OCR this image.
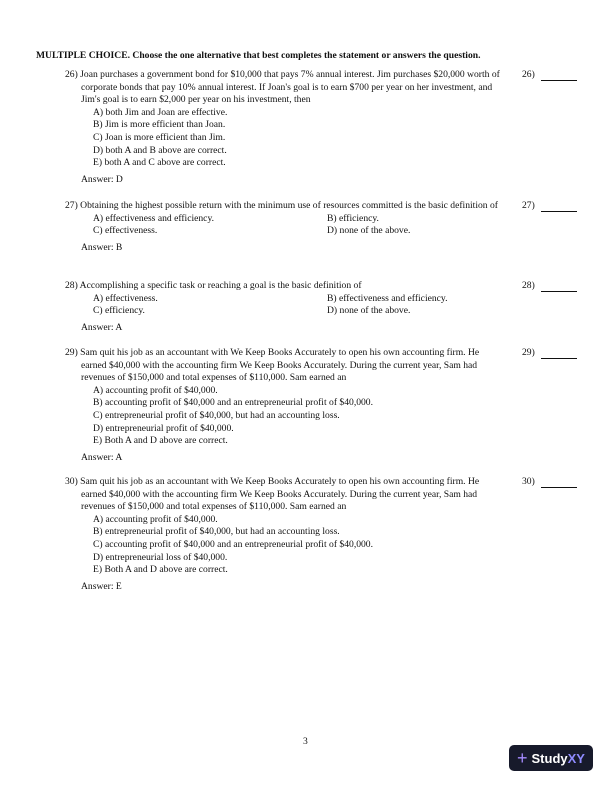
MULTIPLE CHOICE. Choose the one alternative that best completes the statement or answers the question.
26) Joan purchases a government bond for $10,000 that pays 7% annual interest. Jim purchases $20,000 worth of corporate bonds that pay 10% annual interest. If Joan's goal is to earn $700 per year on her investment, and Jim's goal is to earn $2,000 per year on his investment, then
A) both Jim and Joan are effective.
B) Jim is more efficient than Joan.
C) Joan is more efficient than Jim.
D) both A and B above are correct.
E) both A and C above are correct.
Answer: D
26)
27) Obtaining the highest possible return with the minimum use of resources committed is the basic definition of
A) effectiveness and efficiency.	B) efficiency.
C) effectiveness.	D) none of the above.
Answer: B
27)
28) Accomplishing a specific task or reaching a goal is the basic definition of
A) effectiveness.	B) effectiveness and efficiency.
C) efficiency.	D) none of the above.
Answer: A
28)
29) Sam quit his job as an accountant with We Keep Books Accurately to open his own accounting firm. He earned $40,000 with the accounting firm We Keep Books Accurately. During the current year, Sam had revenues of $150,000 and total expenses of $110,000. Sam earned an
A) accounting profit of $40,000.
B) accounting profit of $40,000 and an entrepreneurial profit of $40,000.
C) entrepreneurial profit of $40,000, but had an accounting loss.
D) entrepreneurial profit of $40,000.
E) Both A and D above are correct.
Answer: A
29)
30) Sam quit his job as an accountant with We Keep Books Accurately to open his own accounting firm. He earned $40,000 with the accounting firm We Keep Books Accurately. During the current year, Sam had revenues of $150,000 and total expenses of $110,000. Sam earned an
A) accounting profit of $40,000.
B) entrepreneurial profit of $40,000, but had an accounting loss.
C) accounting profit of $40,000 and an entrepreneurial profit of $40,000.
D) entrepreneurial loss of $40,000.
E) Both A and D above are correct.
Answer: E
30)
3
+ StudyXY
